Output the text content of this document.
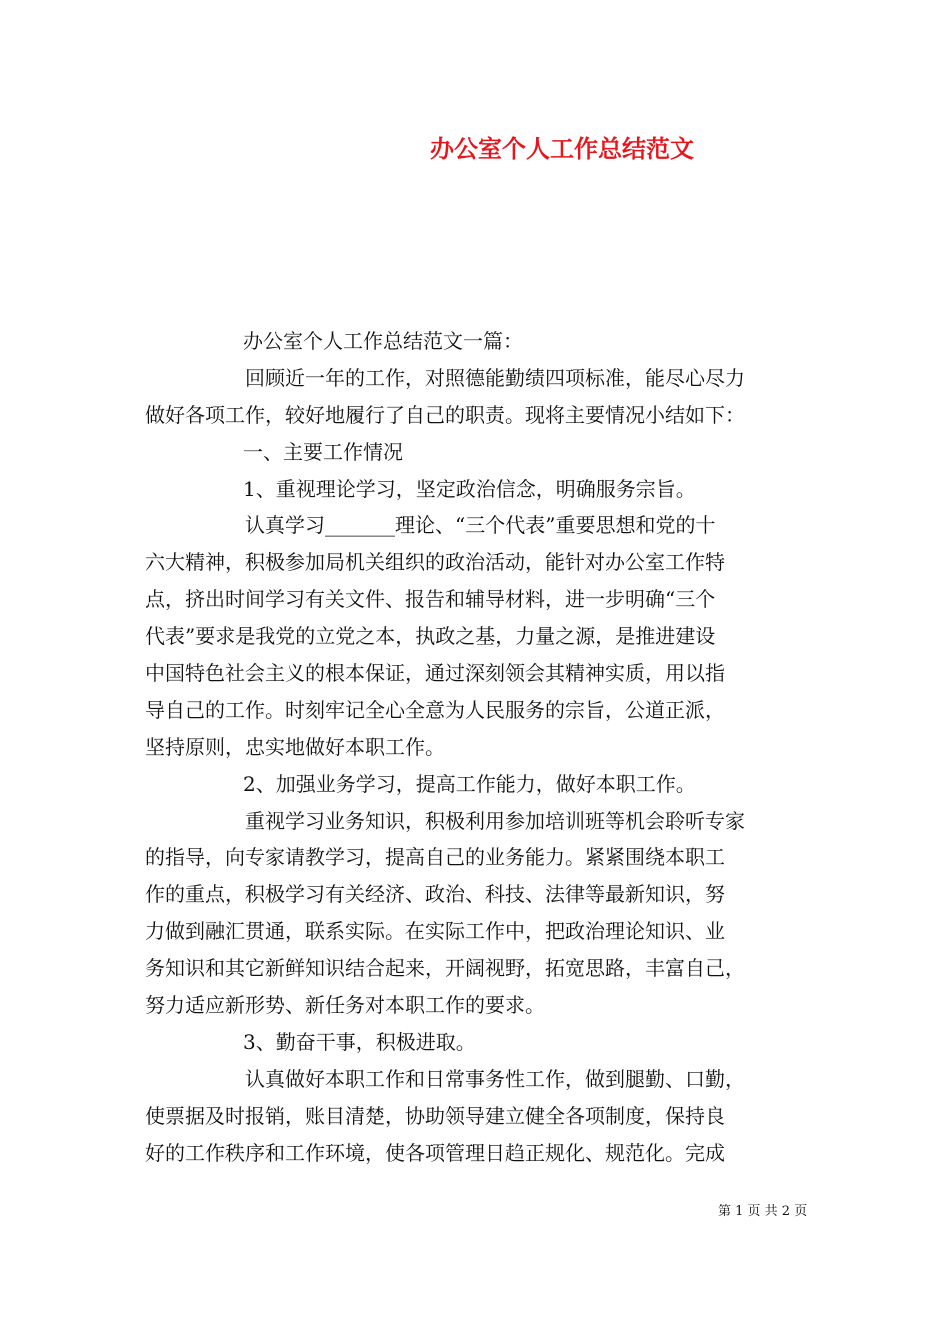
办公室个人工作总结范文
办公室个人工作总结范文一篇：
回顾近一年的工作，对照德能勤绩四项标准，能尽心尽力
做好各项工作，较好地履行了自己的职责。现将主要情况小结如下：
一、主要工作情况
1、重视理论学习，坚定政治信念，明确服务宗旨。
认真学习_______理论、“三个代表”重要思想和党的十
六大精神，积极参加局机关组织的政治活动，能针对办公室工作特
点，挤出时间学习有关文件、报告和辅导材料，进一步明确“三个
代表”要求是我党的立党之本，执政之基，力量之源，是推进建设
中国特色社会主义的根本保证，通过深刻领会其精神实质，用以指
导自己的工作。时刻牢记全心全意为人民服务的宗旨，公道正派，
坚持原则，忠实地做好本职工作。
2、加强业务学习，提高工作能力，做好本职工作。
重视学习业务知识，积极利用参加培训班等机会聆听专家
的指导，向专家请教学习，提高自己的业务能力。紧紧围绕本职工
作的重点，积极学习有关经济、政治、科技、法律等最新知识，努
力做到融汇贯通，联系实际。在实际工作中，把政治理论知识、业
务知识和其它新鲜知识结合起来，开阔视野，拓宽思路，丰富自己，
努力适应新形势、新任务对本职工作的要求。
3、勤奋干事，积极进取。
认真做好本职工作和日常事务性工作，做到腿勤、口勤，
使票据及时报销，账目清楚，协助领导建立健全各项制度，保持良
好的工作秩序和工作环境，使各项管理日趋正规化、规范化。完成
第 1 页 共 2 页
